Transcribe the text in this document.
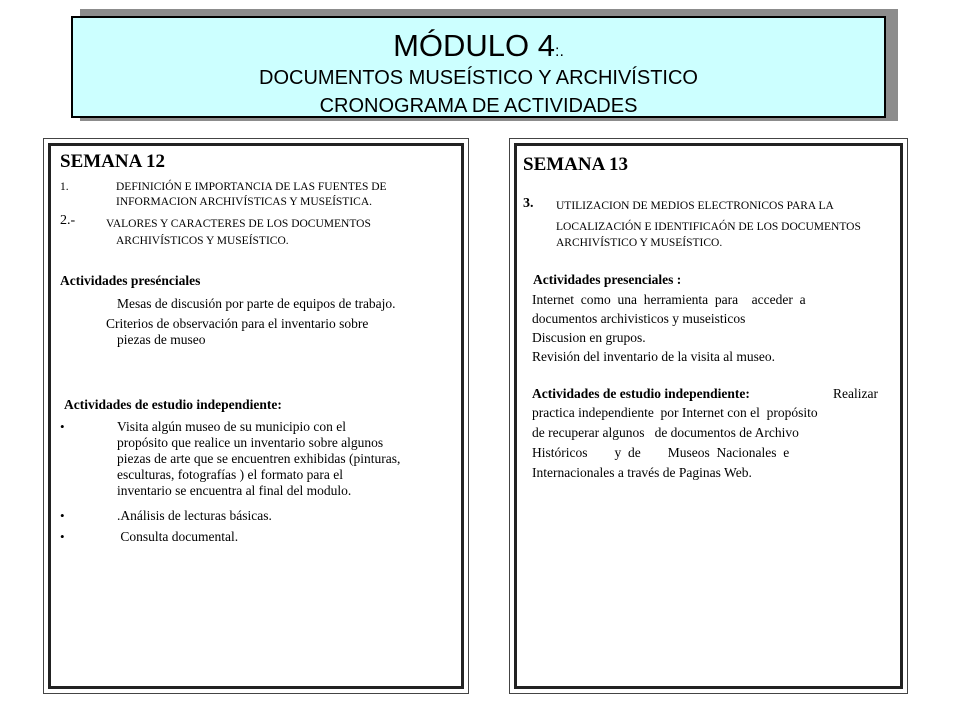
MÓDULO 4:.
DOCUMENTOS MUSEÍSTICO Y ARCHIVÍSTICO
CRONOGRAMA DE ACTIVIDADES
SEMANA 12
1.	DEFINICIÓN E IMPORTANCIA DE LAS FUENTES DE
INFORMACION ARCHIVÍSTICAS Y MUSEÍSTICA.
2.-	VALORES Y CARACTERES DE LOS DOCUMENTOS
ARCHIVÍSTICOS Y MUSEÍSTICO.
Actividades presénciales
Mesas de discusión por parte de equipos de trabajo.
Criterios de observación para el inventario sobre
piezas de museo
Actividades de estudio independiente:
•	Visita algún museo de su municipio con el
propósito que realice un inventario sobre algunos
piezas de arte que se encuentren exhibidas (pinturas,
esculturas, fotografías ) el formato para el
inventario se encuentra al final del modulo.
•	.Análisis de lecturas básicas.
•	Consulta documental.
SEMANA 13
3. UTILIZACION DE MEDIOS ELECTRONICOS PARA LA
LOCALIZACIÓN E IDENTIFICAÓN DE LOS DOCUMENTOS
ARCHIVÍSTICO Y MUSEÍSTICO.
Actividades presenciales :
Internet  como  una  herramienta  para    acceder  a
documentos archivisticos y museisticos
Discusion en grupos.
Revisión del inventario de la visita al museo.
Actividades de estudio independiente:	Realizar
practica independiente  por Internet con el  propósito
de recuperar algunos   de documentos de Archivo
Históricos        y  de        Museos  Nacionales  e
Internacionales a través de Paginas Web.
